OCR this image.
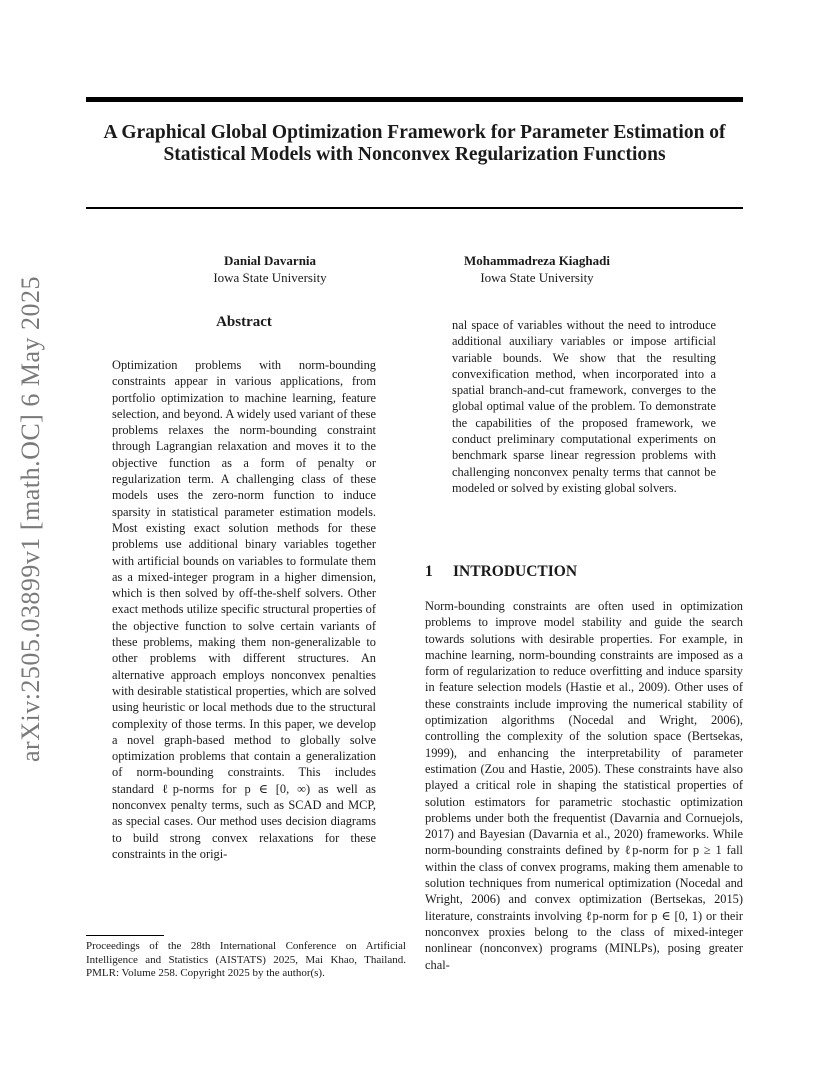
arXiv:2505.03899v1 [math.OC] 6 May 2025
A Graphical Global Optimization Framework for Parameter Estimation of Statistical Models with Nonconvex Regularization Functions
Danial Davarnia
Iowa State University
Mohammadreza Kiaghadi
Iowa State University
Abstract
Optimization problems with norm-bounding constraints appear in various applications, from portfolio optimization to machine learning, feature selection, and beyond. A widely used variant of these problems relaxes the norm-bounding constraint through Lagrangian relaxation and moves it to the objective function as a form of penalty or regularization term. A challenging class of these models uses the zero-norm function to induce sparsity in statistical parameter estimation models. Most existing exact solution methods for these problems use additional binary variables together with artificial bounds on variables to formulate them as a mixed-integer program in a higher dimension, which is then solved by off-the-shelf solvers. Other exact methods utilize specific structural properties of the objective function to solve certain variants of these problems, making them non-generalizable to other problems with different structures. An alternative approach employs nonconvex penalties with desirable statistical properties, which are solved using heuristic or local methods due to the structural complexity of those terms. In this paper, we develop a novel graph-based method to globally solve optimization problems that contain a generalization of norm-bounding constraints. This includes standard ℓp-norms for p ∈ [0, ∞) as well as nonconvex penalty terms, such as SCAD and MCP, as special cases. Our method uses decision diagrams to build strong convex relaxations for these constraints in the origi-
nal space of variables without the need to introduce additional auxiliary variables or impose artificial variable bounds. We show that the resulting convexification method, when incorporated into a spatial branch-and-cut framework, converges to the global optimal value of the problem. To demonstrate the capabilities of the proposed framework, we conduct preliminary computational experiments on benchmark sparse linear regression problems with challenging nonconvex penalty terms that cannot be modeled or solved by existing global solvers.
1 INTRODUCTION
Norm-bounding constraints are often used in optimization problems to improve model stability and guide the search towards solutions with desirable properties. For example, in machine learning, norm-bounding constraints are imposed as a form of regularization to reduce overfitting and induce sparsity in feature selection models (Hastie et al., 2009). Other uses of these constraints include improving the numerical stability of optimization algorithms (Nocedal and Wright, 2006), controlling the complexity of the solution space (Bertsekas, 1999), and enhancing the interpretability of parameter estimation (Zou and Hastie, 2005). These constraints have also played a critical role in shaping the statistical properties of solution estimators for parametric stochastic optimization problems under both the frequentist (Davarnia and Cornuejols, 2017) and Bayesian (Davarnia et al., 2020) frameworks. While norm-bounding constraints defined by ℓp-norm for p ≥ 1 fall within the class of convex programs, making them amenable to solution techniques from numerical optimization (Nocedal and Wright, 2006) and convex optimization (Bertsekas, 2015) literature, constraints involving ℓp-norm for p ∈ [0, 1) or their nonconvex proxies belong to the class of mixed-integer nonlinear (nonconvex) programs (MINLPs), posing greater chal-
Proceedings of the 28th International Conference on Artificial Intelligence and Statistics (AISTATS) 2025, Mai Khao, Thailand. PMLR: Volume 258. Copyright 2025 by the author(s).
